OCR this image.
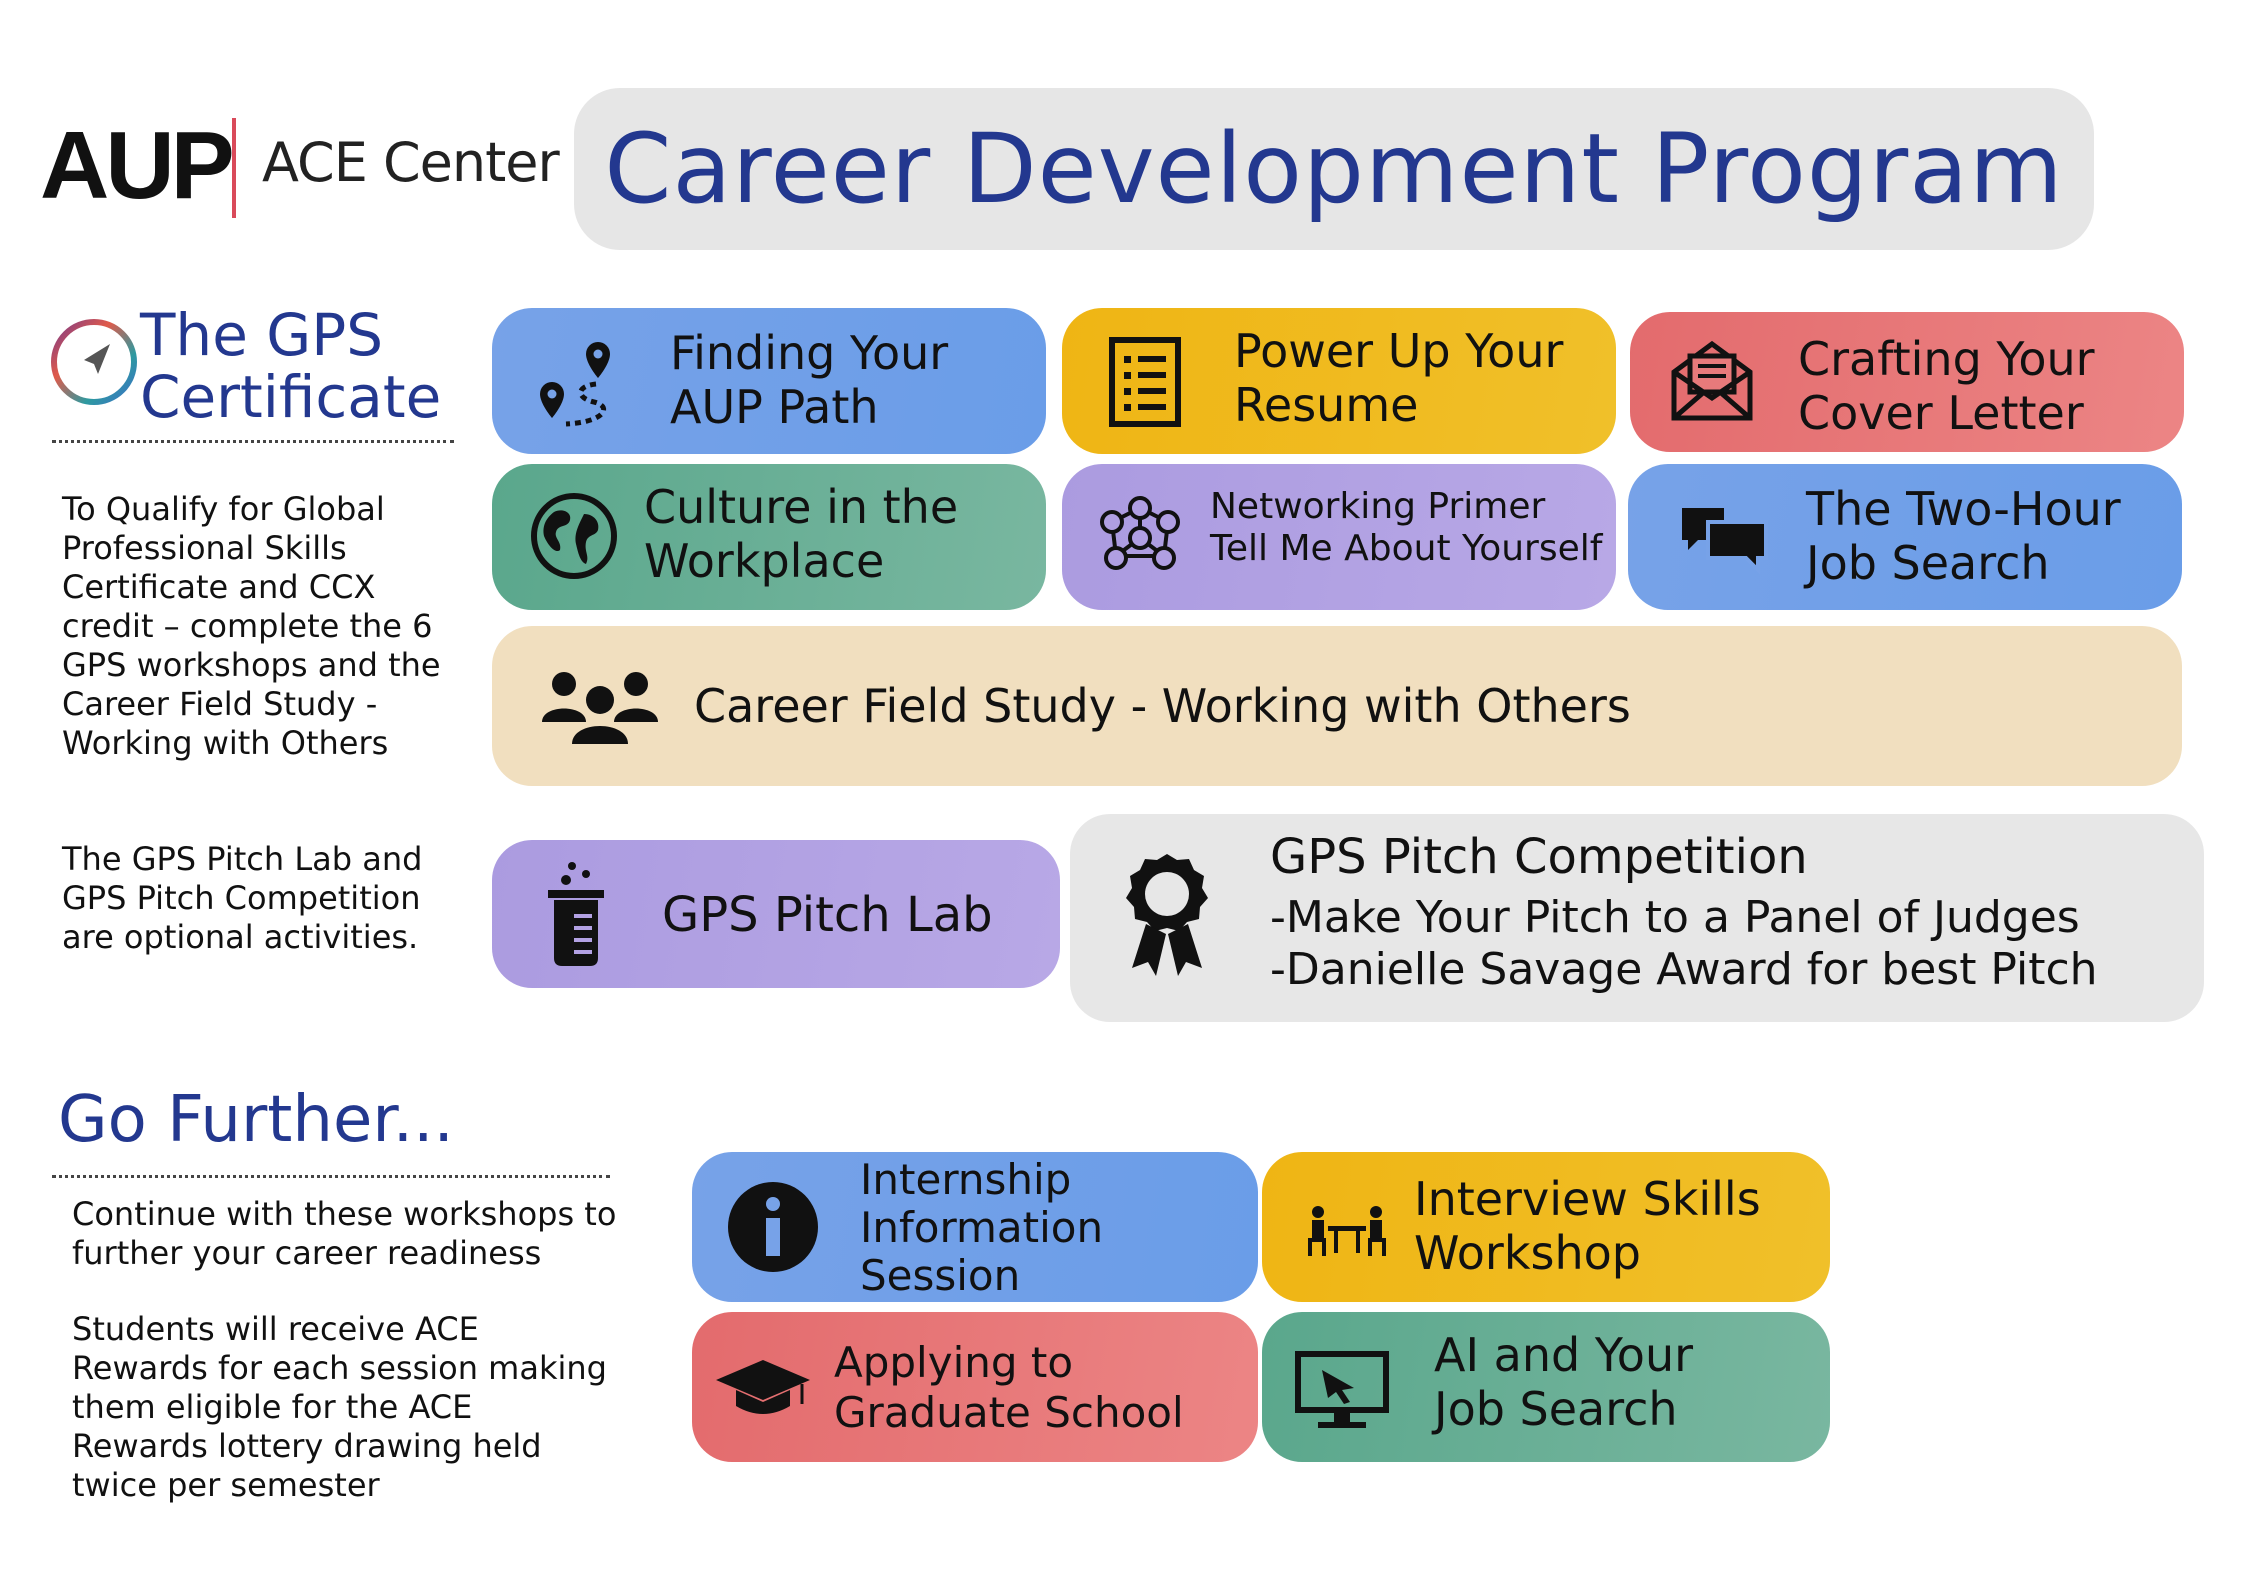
AUP ACE Center Career Development Program
The GPS
Certificate
To Qualify for Global
Professional Skills
Certificate and CCX
credit – complete the 6
GPS workshops and the
Career Field Study -
Working with Others
The GPS Pitch Lab and
GPS Pitch Competition
are optional activities.
Finding Your
AUP Path
Power Up Your
Resume
Crafting Your
Cover Letter
Culture in the
Workplace
Networking Primer
Tell Me About Yourself
The Two-Hour
Job Search
Career Field Study - Working with Others
GPS Pitch Lab
GPS Pitch Competition
-Make Your Pitch to a Panel of Judges
-Danielle Savage Award for best Pitch
Go Further...
Continue with these workshops to
further your career readiness
Students will receive ACE
Rewards for each session making
them eligible for the ACE
Rewards lottery drawing held
twice per semester
Internship
Information
Session
Interview Skills
Workshop
Applying to
Graduate School
AI and Your
Job Search
